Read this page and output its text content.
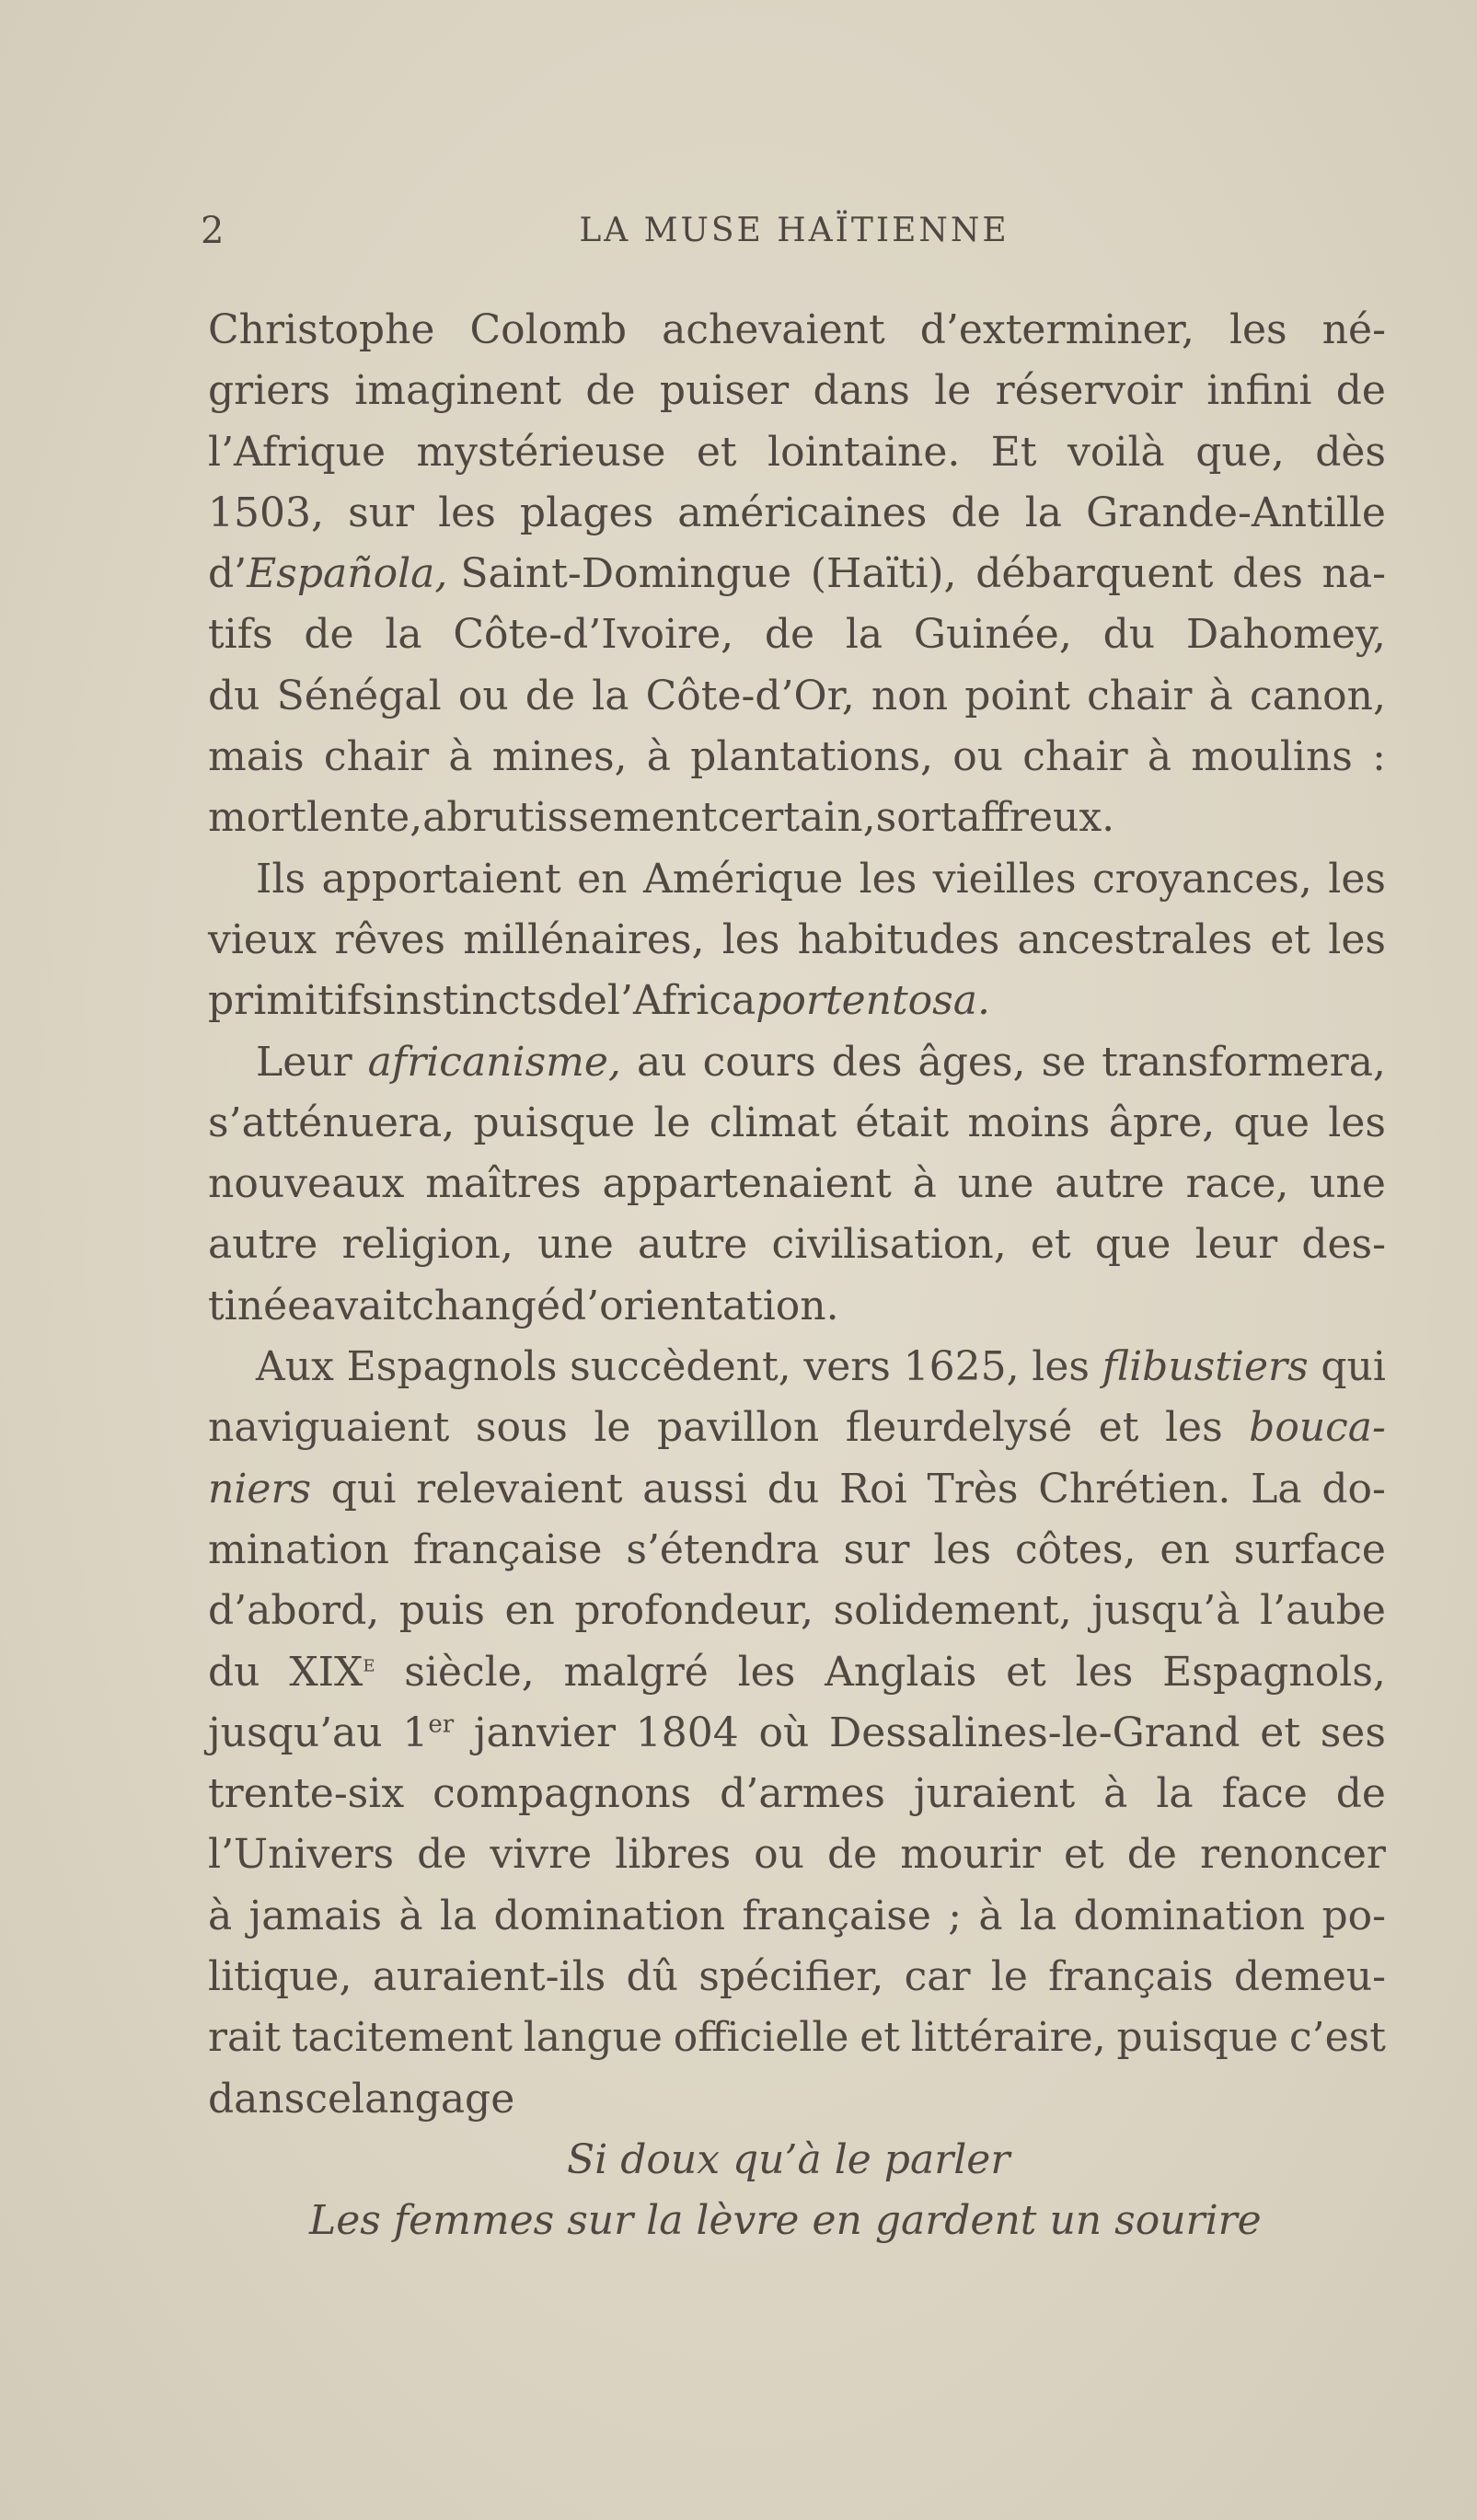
2	LA MUSE HAÏTIENNE
Christophe Colomb achevaient d’exterminer, les né-
griers imaginent de puiser dans le réservoir infini de
l’Afrique mystérieuse et lointaine. Et voilà que, dès
1503, sur les plages américaines de la Grande-Antille
d’Española, Saint-Domingue (Haïti), débarquent des na-
tifs de la Côte-d’Ivoire, de la Guinée, du Dahomey,
du Sénégal ou de la Côte-d’Or, non point chair à canon,
mais chair à mines, à plantations, ou chair à moulins :
mortlente,abrutissementcertain,sortaffreux.
Ils apportaient en Amérique les vieilles croyances, les
vieux rêves millénaires, les habitudes ancestrales et les
primitifsinstinctsdel’Africaportentosa.
Leur africanisme, au cours des âges, se transformera,
s’atténuera, puisque le climat était moins âpre, que les
nouveaux maîtres appartenaient à une autre race, une
autre religion, une autre civilisation, et que leur des-
tinéeavaitchangéd’orientation.
Aux Espagnols succèdent, vers 1625, les flibustiers qui
naviguaient sous le pavillon fleurdelysé et les bouca-
niers qui relevaient aussi du Roi Très Chrétien. La do-
mination française s’étendra sur les côtes, en surface
d’abord, puis en profondeur, solidement, jusqu’à l’aube
du XIXe siècle, malgré les Anglais et les Espagnols,
jusqu’au 1er janvier 1804 où Dessalines-le-Grand et ses
trente-six compagnons d’armes juraient à la face de
l’Univers de vivre libres ou de mourir et de renoncer
à jamais à la domination française ; à la domination po-
litique, auraient-ils dû spécifier, car le français demeu-
rait tacitement langue officielle et littéraire, puisque c’est
danscelangage
Si doux qu’à le parler
Les femmes sur la lèvre en gardent un sourire
